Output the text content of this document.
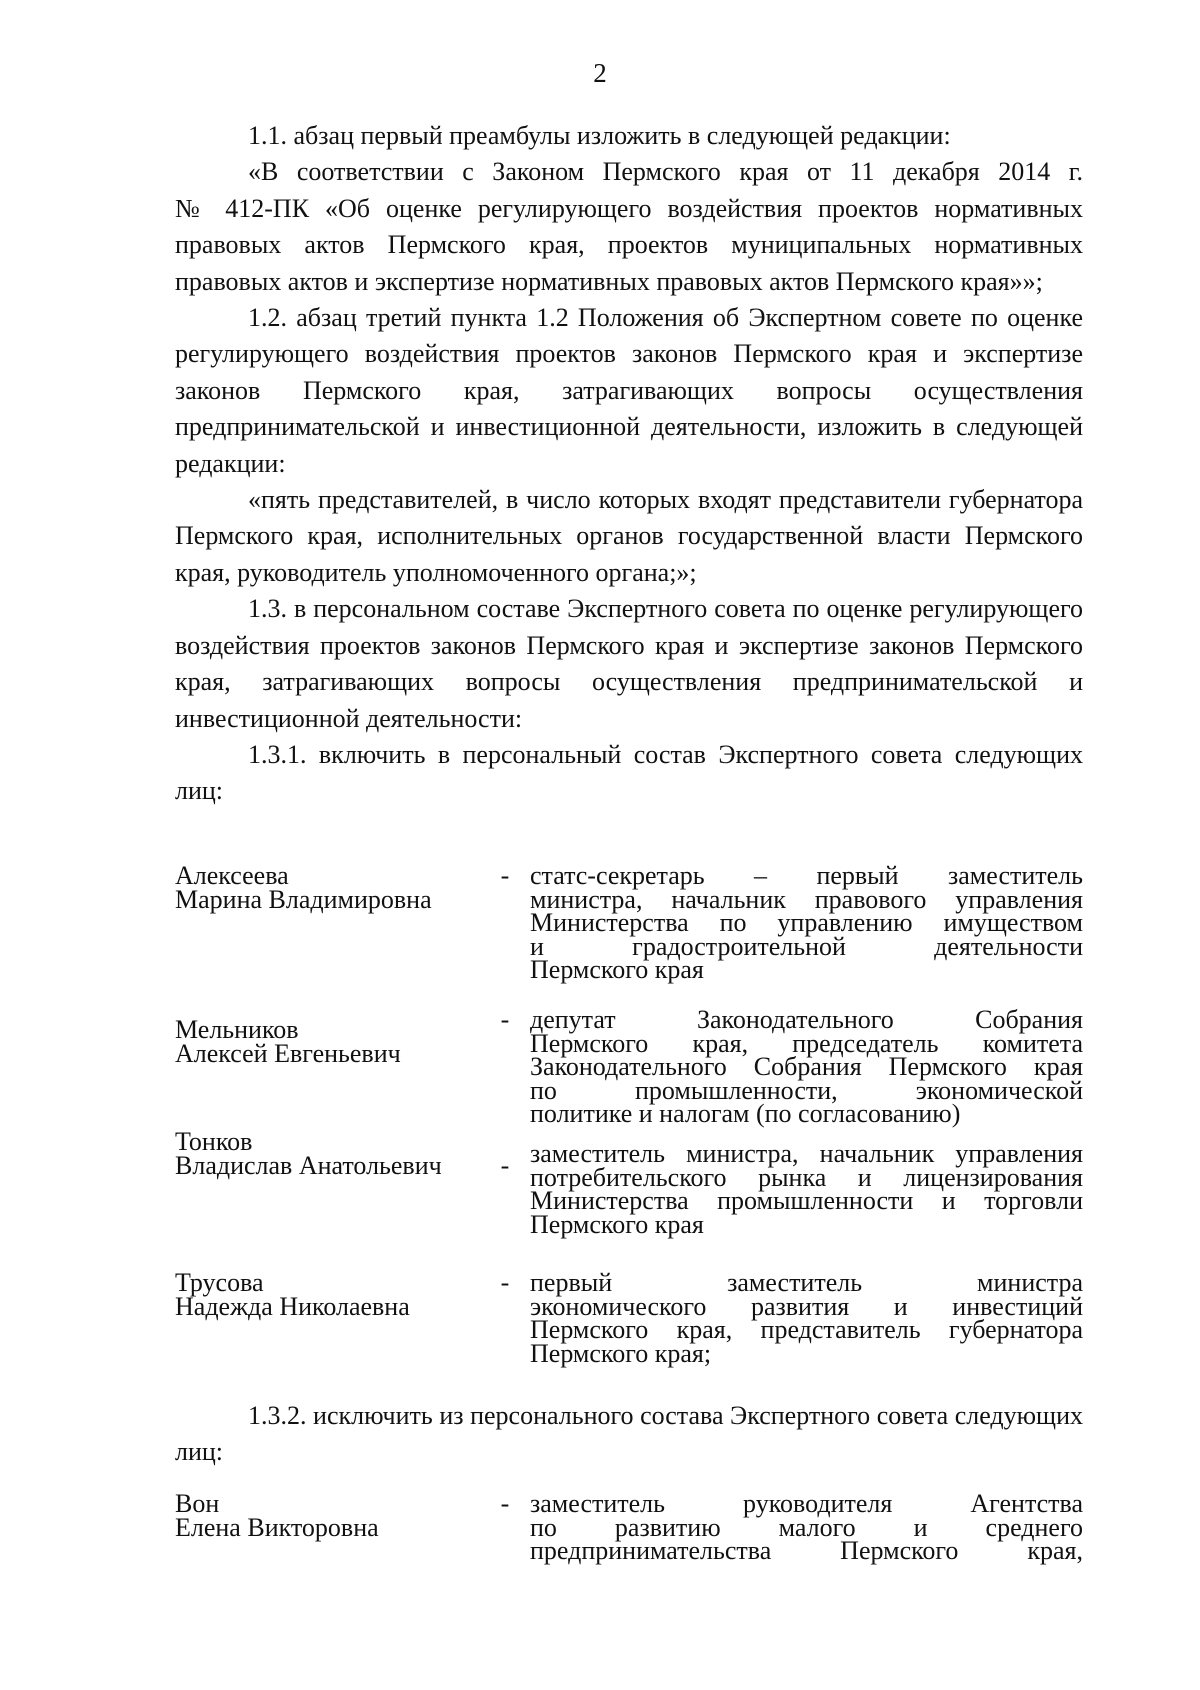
2

1.1. абзац первый преамбулы изложить в следующей редакции:

«В соответствии с Законом Пермского края от 11 декабря 2014 г.

№ 412-ПК «Об оценке регулирующего воздействия проектов нормативных правовых актов Пермского края, проектов муниципальных нормативных правовых актов и экспертизе нормативных правовых актов Пермского края»»;

1.2. абзац третий пункта 1.2 Положения об Экспертном совете по оценке регулирующего воздействия проектов законов Пермского края и экспертизе законов Пермского края, затрагивающих вопросы осуществления предпринимательской и инвестиционной деятельности, изложить в следующей редакции:

«пять представителей, в число которых входят представители губернатора Пермского края, исполнительных органов государственной власти Пермского края, руководитель уполномоченного органа;»;

1.3. в персональном составе Экспертного совета по оценке регулирующего воздействия проектов законов Пермского края и экспертизе законов Пермского края, затрагивающих вопросы осуществления предпринимательской и инвестиционной деятельности:

1.3.1. включить в персональный состав Экспертного совета следующих лиц:

Алексеева
Марина Владимировна
- статс-секретарь – первый заместитель
министра, начальник правового управления
Министерства по управлению имуществом
и градостроительной деятельности
Пермского края
Мельников
Алексей Евгеньевич
- депутат Законодательного Собрания
Пермского края, председатель комитета
Законодательного Собрания Пермского края
по промышленности, экономической
политике и налогам (по согласованию)
Тонков
Владислав Анатольевич	- заместитель министра, начальник управления
потребительского рынка и лицензирования
Министерства промышленности и торговли
Пермского края
Трусова
Надежда Николаевна
- первый заместитель министра
экономического развития и инвестиций
Пермского края, представитель губернатора
Пермского края;

1.3.2. исключить из персонального состава Экспертного совета следующих лиц:

Вон
Елена Викторовна
- заместитель руководителя Агентства
по развитию малого и среднего
предпринимательства Пермского края,
